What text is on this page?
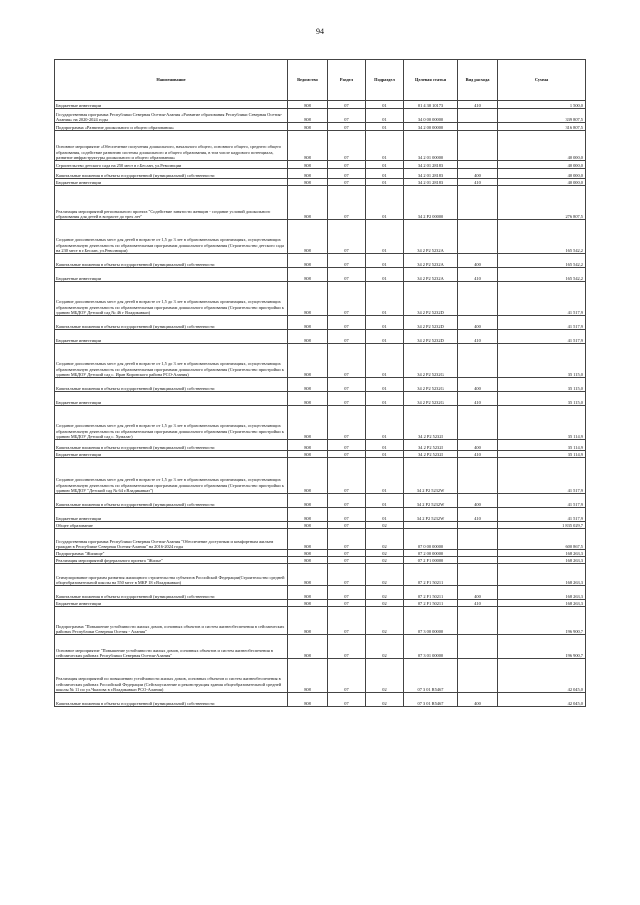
94
Наименование	Ведомство	Раздел	Подраздел	Целевая статья	Вид расхода	Сумма
Бюджетные инвестиции	808	07	01	01 4 30 10173	410	1 500,0
Государственная программа Республики Северная Осетия-Алания «Развитие образования Республики Северная Осетия-Алания» на 2020-2024 годы	808	07	01	34 0 00 00000		339 807,5
Подпрограмма «Развитие дошкольного и общего образования»	808	07	01	34 2 00 00000		316 807,5
Основное мероприятие «Обеспечение получения дошкольного, начального общего, основного общего, среднего общего образования, содействие развитию системы дошкольного и общего образования, в том числе кадрового потенциала, развитие инфраструктуры дошкольного и общего образования»	808	07	01	34 2 01 00000		40 000,0
Строительство детского сада на 250 мест в г.Беслан, ул.Революции	808	07	01	34 2 01 28183		40 000,0
Капитальные вложения в объекты государственной (муниципальной) собственности	808	07	01	34 2 01 28183	400	40 000,0
Бюджетные инвестиции	808	07	01	34 2 01 28183	410	40 000,0
Реализация мероприятий регионального проекта "Содействие занятости женщин - создание условий дошкольного образования для детей в возрасте до трех лет"	808	07	01	34 2 P2 00000		276 807,5
Создание дополнительных мест для детей в возрасте от 1,5 до 3 лет в образовательных организациях, осуществляющих образовательную деятельность по образовательным программам дошкольного образования (Строительство детского сада на 230 мест в г.Беслан, ул.Революции)	808	07	01	34 2 P2 5232А		165 542,2
Капитальные вложения в объекты государственной (муниципальной) собственности	808	07	01	34 2 P2 5232А	400	165 542,2
Бюджетные инвестиции	808	07	01	34 2 P2 5232А	410	165 542,2
Создание дополнительных мест для детей в возрасте от 1,5 до 3 лет в образовательных организациях, осуществляющих образовательную деятельность по образовательным программам дошкольного образования (Строительство пристройки к зданию МБДОУ Детский сад № 46 г Владикавказ)	808	07	01	34 2 P2 5232D		41 517,9
Капитальные вложения в объекты государственной (муниципальной) собственности	808	07	01	34 2 P2 5232D	400	41 517,9
Бюджетные инвестиции	808	07	01	34 2 P2 5232D	410	41 517,9
Создание дополнительных мест для детей в возрасте от 1,5 до 3 лет в образовательных организациях, осуществляющих образовательную деятельность по образовательным программам дошкольного образования (Строительство пристройки к зданию МБДОУ Детский сад с. Иран Кировского района РСО-Алания)	808	07	01	34 2 P2 5232G		35 115,0
Капитальные вложения в объекты государственной (муниципальной) собственности	808	07	01	34 2 P2 5232G	400	35 115,0
Бюджетные инвестиции	808	07	01	34 2 P2 5232G	410	35 115,0
Создание дополнительных мест для детей в возрасте от 1,5 до 3 лет в образовательных организациях, осуществляющих образовательную деятельность по образовательным программам дошкольного образования (Строительство пристройки к зданию МБДОУ Детский сад с. Хумалаг)	808	07	01	34 2 P2 5232I		35 114,9
Капитальные вложения в объекты государственной (муниципальной) собственности	808	07	01	34 2 P2 5232I	400	35 114,9
Бюджетные инвестиции	808	07	01	34 2 P2 5232I	410	35 114,9
Создание дополнительных мест для детей в возрасте от 1,5 до 3 лет в образовательных организациях, осуществляющих образовательную деятельность по образовательным программам дошкольного образования (Строительство пристройки к зданию МБДОУ "Детский сад № 64 г.Владикавказ")	808	07	01	34 2 P2 5232W		41 517,9
Капитальные вложения в объекты государственной (муниципальной) собственности	808	07	01	34 2 P2 5232W	400	41 517,9
Бюджетные инвестиции	808	07	01	34 2 P2 5232W	410	41 517,9
Общее образование	808	07	02			1 835 029,7
Государственная программа Республики Северная Осетия-Алания "Обеспечение доступным и комфортным жильем граждан в Республике Северная Осетия-Алания" на 2016-2024 годы	808	07	02	07 0 00 00000		600 867,5
Подпрограмма "Жилище"	808	07	02	07 2 00 00000		168 263,3
Реализация мероприятий федерального проекта "Жилье"	808	07	02	07 2 F1 00000		168 263,3
Стимулирование программ развития жилищного строительства субъектов Российской Федерации(Строительство средней общеобразовательной школы на 550 мест в МКР 18 г.Владикавказ)	808	07	02	07 2 F1 50211		168 263,3
Капитальные вложения в объекты государственной (муниципальной) собственности	808	07	02	07 2 F1 50211	400	168 263,3
Бюджетные инвестиции	808	07	02	07 2 F1 50211	410	168 263,3
Подпрограмма "Повышение устойчивости жилых домов, основных объектов и систем жизнеобеспечения в сейсмических районах Республики Северная Осетия - Алания"	808	07	02	07 3 00 00000		196 900,7
Основное мероприятие "Повышение устойчивости жилых домов, основных объектов и систем жизнеобеспечения в сейсмических районах Республики Северная Осетия-Алания"	808	07	02	07 3 01 00000		196 900,7
Реализация мероприятий по повышению устойчивости жилых домов, основных объектов и систем жизнеобеспечения в сейсмических районах Российской Федерации (Сейсмоусиление и реконструкция здания общеобразовательной средней школы № 11 по ул.Чкалова в г.Владикавказ РСО-Алания)	808	07	02	07 3 01 R5467		42 045,0
Капитальные вложения в объекты государственной (муниципальной) собственности	808	07	02	07 3 01 R5467	400	42 045,0
